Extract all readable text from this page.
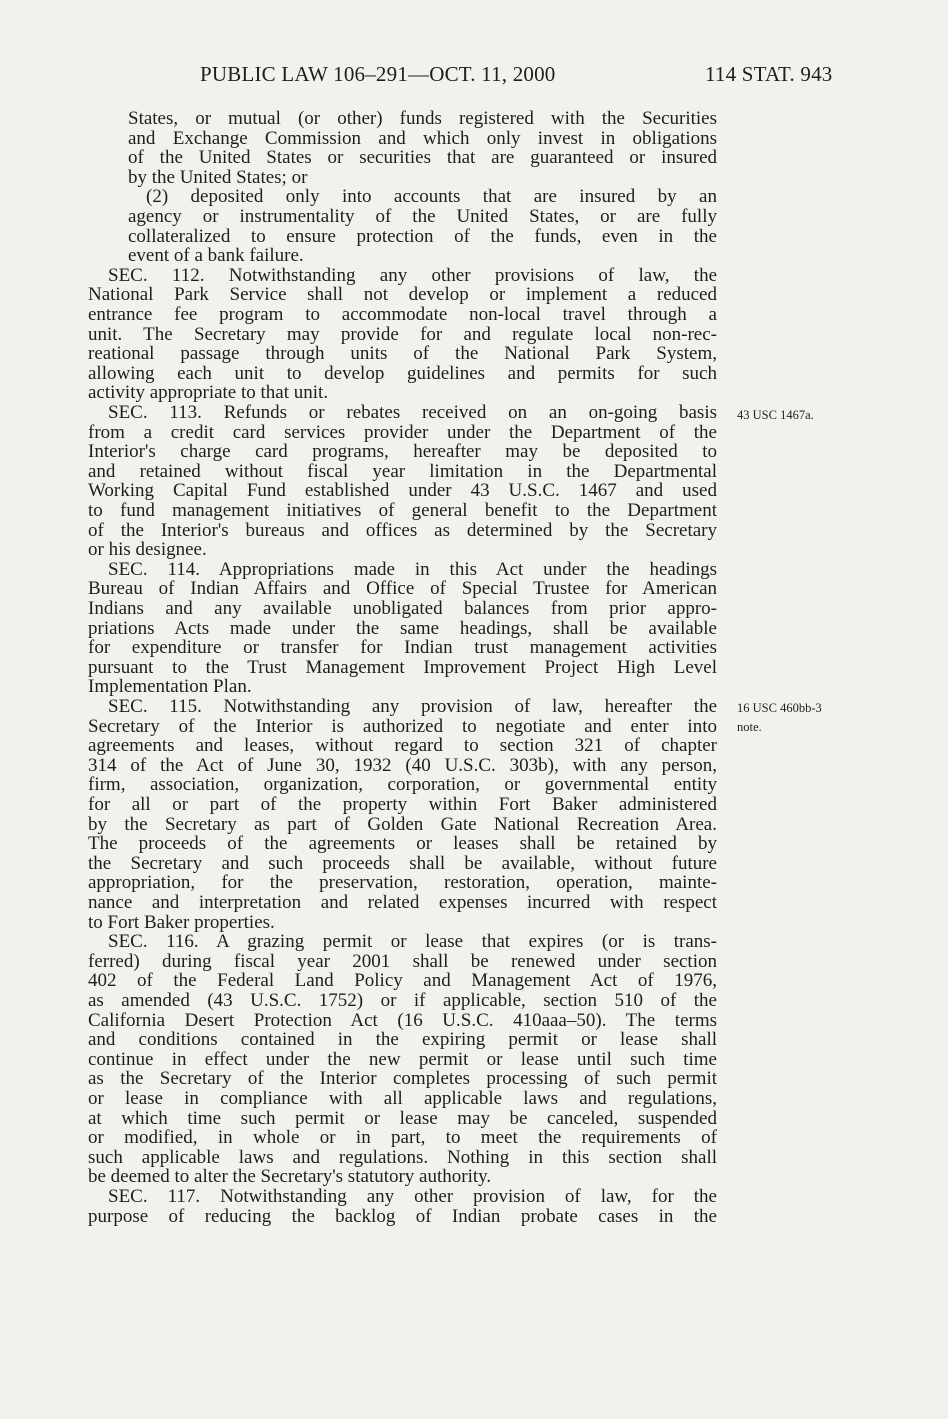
PUBLIC LAW 106–291—OCT. 11, 2000	114 STAT. 943
States, or mutual (or other) funds registered with the Securities
and Exchange Commission and which only invest in obligations
of the United States or securities that are guaranteed or insured
by the United States; or
(2) deposited only into accounts that are insured by an
agency or instrumentality of the United States, or are fully
collateralized to ensure protection of the funds, even in the
event of a bank failure.
SEC. 112. Notwithstanding any other provisions of law, the
National Park Service shall not develop or implement a reduced
entrance fee program to accommodate non-local travel through a
unit. The Secretary may provide for and regulate local non-rec-
reational passage through units of the National Park System,
allowing each unit to develop guidelines and permits for such
activity appropriate to that unit.
SEC. 113. Refunds or rebates received on an on-going basis
from a credit card services provider under the Department of the
Interior's charge card programs, hereafter may be deposited to
and retained without fiscal year limitation in the Departmental
Working Capital Fund established under 43 U.S.C. 1467 and used
to fund management initiatives of general benefit to the Department
of the Interior's bureaus and offices as determined by the Secretary
or his designee.
SEC. 114. Appropriations made in this Act under the headings
Bureau of Indian Affairs and Office of Special Trustee for American
Indians and any available unobligated balances from prior appro-
priations Acts made under the same headings, shall be available
for expenditure or transfer for Indian trust management activities
pursuant to the Trust Management Improvement Project High Level
Implementation Plan.
SEC. 115. Notwithstanding any provision of law, hereafter the
Secretary of the Interior is authorized to negotiate and enter into
agreements and leases, without regard to section 321 of chapter
314 of the Act of June 30, 1932 (40 U.S.C. 303b), with any person,
firm, association, organization, corporation, or governmental entity
for all or part of the property within Fort Baker administered
by the Secretary as part of Golden Gate National Recreation Area.
The proceeds of the agreements or leases shall be retained by
the Secretary and such proceeds shall be available, without future
appropriation, for the preservation, restoration, operation, mainte-
nance and interpretation and related expenses incurred with respect
to Fort Baker properties.
SEC. 116. A grazing permit or lease that expires (or is trans-
ferred) during fiscal year 2001 shall be renewed under section
402 of the Federal Land Policy and Management Act of 1976,
as amended (43 U.S.C. 1752) or if applicable, section 510 of the
California Desert Protection Act (16 U.S.C. 410aaa–50). The terms
and conditions contained in the expiring permit or lease shall
continue in effect under the new permit or lease until such time
as the Secretary of the Interior completes processing of such permit
or lease in compliance with all applicable laws and regulations,
at which time such permit or lease may be canceled, suspended
or modified, in whole or in part, to meet the requirements of
such applicable laws and regulations. Nothing in this section shall
be deemed to alter the Secretary's statutory authority.
SEC. 117. Notwithstanding any other provision of law, for the
purpose of reducing the backlog of Indian probate cases in the
43 USC 1467a.
16 USC 460bb-3
note.
